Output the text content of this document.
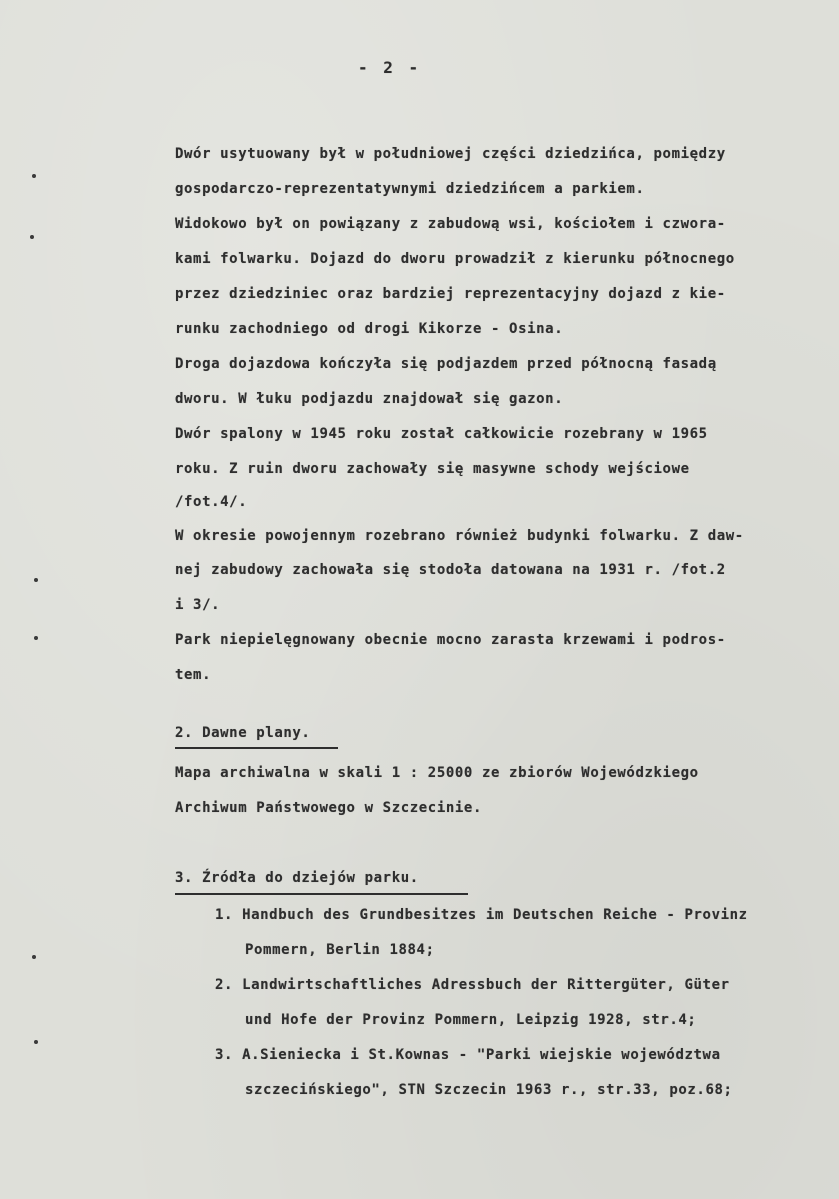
- 2 -
Dwór usytuowany był w południowej części dziedzińca, pomiędzy
gospodarczo-reprezentatywnymi dziedzińcem a parkiem.
Widokowo był on powiązany z zabudową wsi, kościołem i czwora-
kami folwarku. Dojazd do dworu prowadził z kierunku północnego
przez dziedziniec oraz bardziej reprezentacyjny dojazd z kie-
runku zachodniego od drogi Kikorze - Osina.
Droga dojazdowa kończyła się podjazdem przed północną fasadą
dworu. W łuku podjazdu znajdował się gazon.
Dwór spalony w 1945 roku został całkowicie rozebrany w 1965
roku. Z ruin dworu zachowały się masywne schody wejściowe
/fot.4/.
W okresie powojennym rozebrano również budynki folwarku. Z daw-
nej zabudowy zachowała się stodoła datowana na 1931 r. /fot.2
i 3/.
Park niepielęgnowany obecnie mocno zarasta krzewami i podros-
tem.
2. Dawne plany.
Mapa archiwalna w skali 1 : 25000 ze zbiorów Wojewódzkiego
Archiwum Państwowego w Szczecinie.
3. Źródła do dziejów parku.
1. Handbuch des Grundbesitzes im Deutschen Reiche - Provinz
Pommern, Berlin 1884;
2. Landwirtschaftliches Adressbuch der Rittergüter, Güter
und Hofe der Provinz Pommern, Leipzig 1928, str.4;
3. A.Sieniecka i St.Kownas - "Parki wiejskie województwa
szczecińskiego", STN Szczecin 1963 r., str.33, poz.68;
